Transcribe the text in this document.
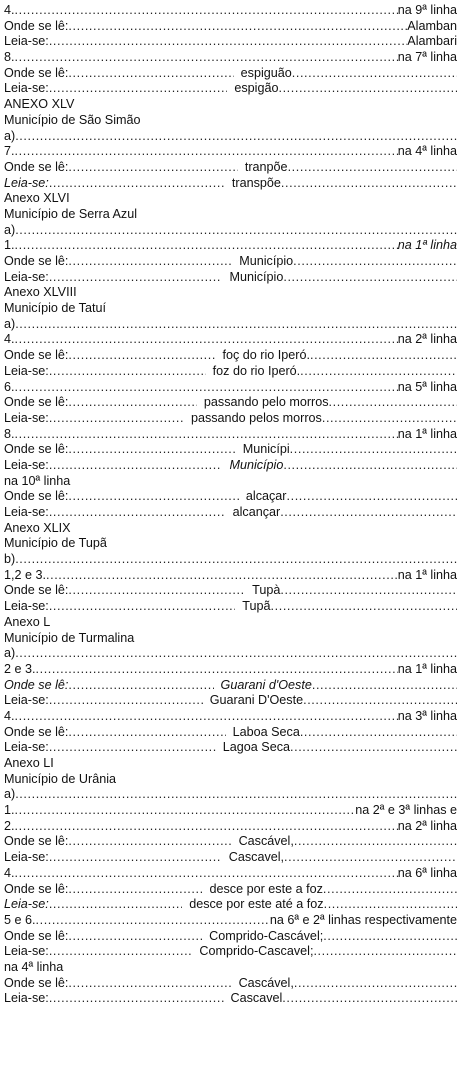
4. .....	na 9ª linha
Onde se lê: .....	Alamban
Leia-se: .....	Alambari
8. .....	na 7ª linha
Onde se lê: .....	espiguão
.....
Leia-se: .....	espigão
.....
ANEXO XLV
Município de São Simão
a)
.....
7. .....	na 4ª linha
Onde se lê: .....	tranpõe
.....
Leia-se: .....	transpõe
.....
Anexo XLVI
Município de Serra Azul
a)
.....
1. .....	na 1ª linha
Onde se lê: .....	Município
.....
Leia-se: .....	Município
.....
Anexo XLVIII
Município de Tatuí
a)
.....
4. .....	na 2ª linha
Onde se lê: .....	foç do rio Iperó.
.....
Leia-se: .....	foz do rio Iperó.
.....
6. .....	na 5ª linha
Onde se lê: .....	passando pelo morros
.....
Leia-se: .....	passando pelos morros
.....
8. .....	na 1ª linha
Onde se lê: .....	Municípi
.....
Leia-se: .....	Município
.....
na 10ª linha
Onde se lê: .....	alcaçar
.....
Leia-se: .....	alcançar
.....
Anexo XLIX
Município de Tupã
b)
.....
1,2 e 3. .....	na 1ª linha
Onde se lê: .....	Tupà
.....
Leia-se: .....	Tupã
.....
Anexo L
Município de Turmalina
a)
.....
2 e 3. .....	na 1ª linha
Onde se lê: .....	Guarani d'Oeste
.....
Leia-se: .....	Guarani D'Oeste
.....
4. .....	na 3ª linha
Onde se lê: .....	Laboa Seca
.....
Leia-se: .....	Lagoa Seca
.....
Anexo LI
Município de Urânia
a)
.....
1. .....	na 2ª e 3ª linhas e
2. .....	na 2ª linha
Onde se lê: .....	Cascável,
.....
Leia-se: .....	Cascavel,
.....
4. .....	na 6ª linha
Onde se lê: .....	desce por este a foz
.....
Leia-se: .....	desce por este até a foz
.....
5 e 6. .....	na 6ª e 2ª linhas respectivamente
Onde se lê: .....	Comprido-Cascável;
.....
Leia-se: .....	Comprido-Cascavel;
.....
na 4ª linha
Onde se lê: .....	Cascável,
.....
Leia-se: .....	Cascavel
.....
